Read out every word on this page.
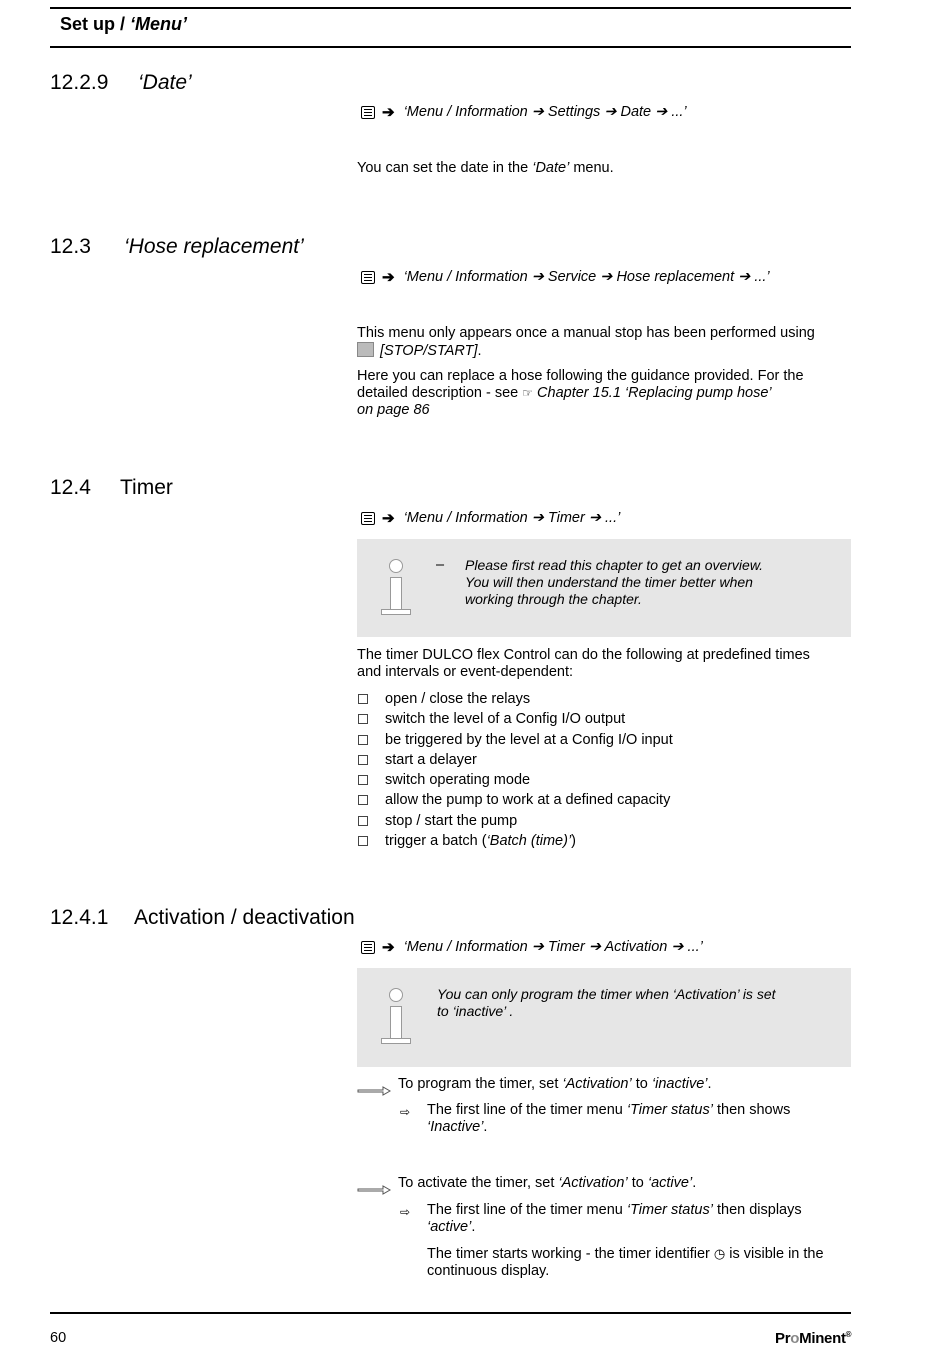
Set up / ‘Menu’
12.2.9 ‘Date’
➔ ‘Menu / Information ➔ Settings ➔ Date ➔ ...’
You can set the date in the ‘Date’ menu.
12.3 ‘Hose replacement’
➔ ‘Menu / Information ➔ Service ➔ Hose replacement ➔ ...’
This menu only appears once a manual stop has been performed using
[STOP/START].
Here you can replace a hose following the guidance provided. For the
detailed description - see ☞ Chapter 15.1 ‘Replacing pump hose’
on page 86
12.4 Timer
➔ ‘Menu / Information ➔ Timer ➔ ...’
– Please first read this chapter to get an overview.
You will then understand the timer better when
working through the chapter.
The timer DULCO flex Control can do the following at predefined times
and intervals or event-dependent:
open / close the relays
switch the level of a Config I/O output
be triggered by the level at a Config I/O input
start a delayer
switch operating mode
allow the pump to work at a defined capacity
stop / start the pump
trigger a batch (‘Batch (time)’)
12.4.1 Activation / deactivation
➔ ‘Menu / Information ➔ Timer ➔ Activation ➔ ...’
You can only program the timer when ‘Activation’ is set
to ‘inactive’ .
To program the timer, set ‘Activation’ to ‘inactive’.
⇨ The first line of the timer menu ‘Timer status’ then shows
‘Inactive’.
To activate the timer, set ‘Activation’ to ‘active’.
⇨ The first line of the timer menu ‘Timer status’ then displays
‘active’.
The timer starts working - the timer identifier ◷ is visible in the
continuous display.
60	ProMinent®
